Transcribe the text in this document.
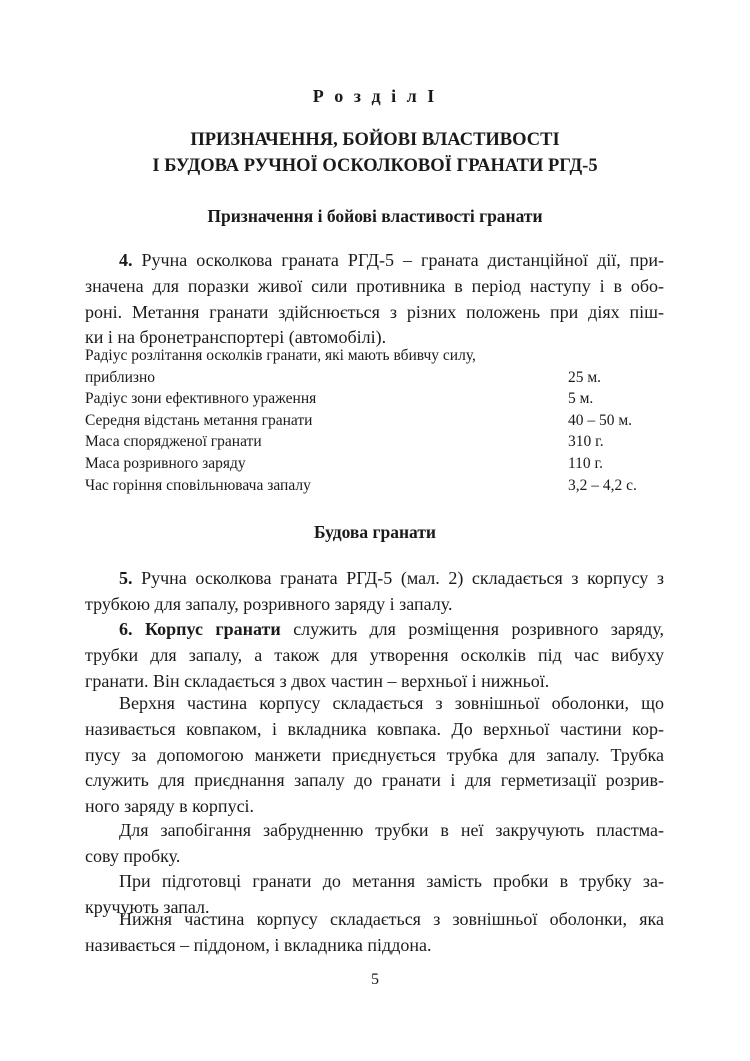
Р о з д і л I
ПРИЗНАЧЕННЯ, БОЙОВІ ВЛАСТИВОСТІ
І БУДОВА РУЧНОЇ ОСКОЛКОВОЇ ГРАНАТИ РГД-5
Призначення і бойові властивості гранати
4. Ручна осколкова граната РГД-5 – граната дистанційної дії, при-
значена для поразки живої сили противника в період наступу і в обо-
роні. Метання гранати здійснюється з різних положень при діях піш-
ки і на бронетранспортері (автомобілі).
Радіус розлітання осколків гранати, які мають вбивчу силу,
приблизно	25 м.
Радіус зони ефективного ураження	5 м.
Середня відстань метання гранати	40 – 50 м.
Маса спорядженої гранати	310 г.
Маса розривного заряду	110 г.
Час горіння сповільнювача запалу	3,2 – 4,2 с.
Будова гранати
5. Ручна осколкова граната РГД-5 (мал. 2) складається з корпусу з
трубкою для запалу, розривного заряду і запалу.
6. Корпус гранати служить для розміщення розривного заряду,
трубки для запалу, а також для утворення осколків під час вибуху
гранати. Він складається з двох частин – верхньої і нижньої.
Верхня частина корпусу складається з зовнішньої оболонки, що
називається ковпаком, і вкладника ковпака. До верхньої частини кор-
пусу за допомогою манжети приєднується трубка для запалу. Трубка
служить для приєднання запалу до гранати і для герметизації розрив-
ного заряду в корпусі.
Для запобігання забрудненню трубки в неї закручують пластма-
сову пробку.
При підготовці гранати до метання замість пробки в трубку за-
кручують запал.
Нижня частина корпусу складається з зовнішньої оболонки, яка
називається – піддоном, і вкладника піддона.
5
